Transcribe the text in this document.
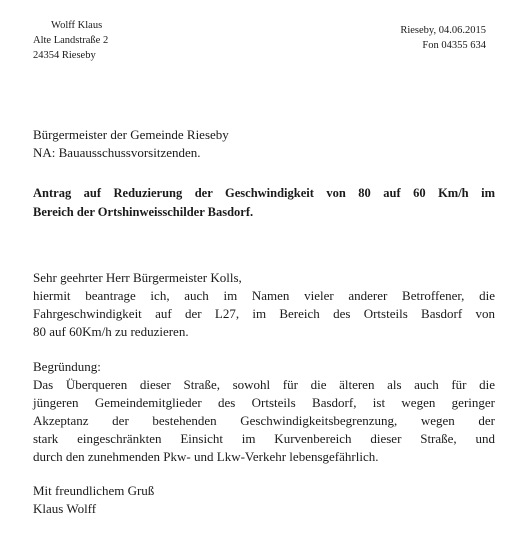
Wolff Klaus
Alte Landstraße 2
24354 Rieseby
Rieseby, 04.06.2015
Fon 04355 634
Bürgermeister der Gemeinde Rieseby
NA: Bauausschussvorsitzenden.
Antrag auf Reduzierung der Geschwindigkeit von 80 auf 60 Km/h im
Bereich der Ortshinweisschilder Basdorf.
Sehr geehrter Herr Bürgermeister Kolls,
hiermit beantrage ich, auch im Namen vieler anderer Betroffener, die
Fahrgeschwindigkeit auf der L27, im Bereich des Ortsteils Basdorf von
80 auf 60Km/h zu reduzieren.
Begründung:
Das Überqueren dieser Straße, sowohl für die älteren als auch für die
jüngeren Gemeindemitglieder des Ortsteils Basdorf, ist wegen geringer
Akzeptanz der bestehenden Geschwindigkeitsbegrenzung, wegen der
stark eingeschränkten Einsicht im Kurvenbereich dieser Straße, und
durch den zunehmenden Pkw- und Lkw-Verkehr lebensgefährlich.
Mit freundlichem Gruß
Klaus Wolff
